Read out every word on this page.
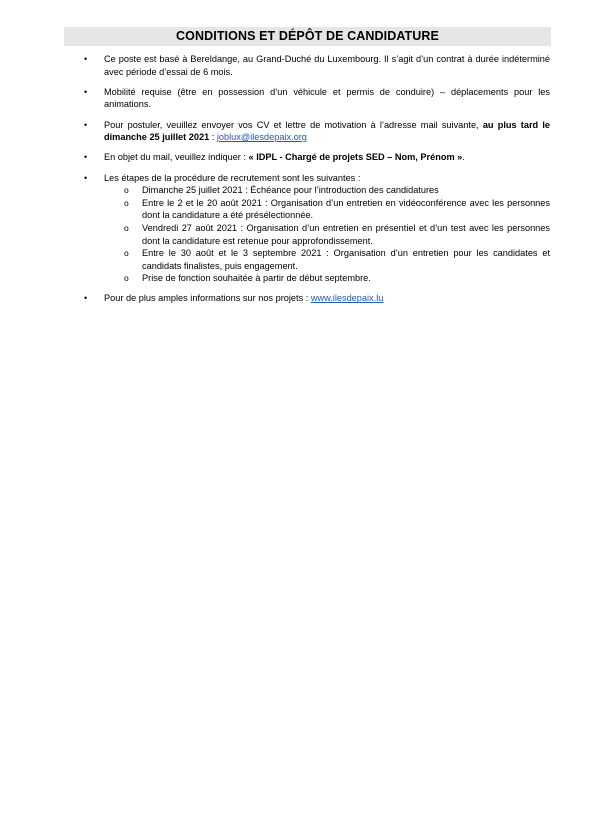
CONDITIONS ET DÉPÔT DE CANDIDATURE
•	Ce poste est basé à Bereldange, au Grand-Duché du Luxembourg. Il s’agit d’un contrat à durée indéterminé avec période d’essai de 6 mois.
•	Mobilité requise (être en possession d’un véhicule et permis de conduire) – déplacements pour les animations.
•	Pour postuler, veuillez envoyer vos CV et lettre de motivation à l’adresse mail suivante, au plus tard le dimanche 25 juillet 2021 : joblux@ilesdepaix.org
•	En objet du mail, veuillez indiquer : « IDPL - Chargé de projets SED – Nom, Prénom ».
•	Les étapes de la procédure de recrutement sont les suivantes :
o Dimanche 25 juillet 2021 : Échéance pour l’introduction des candidatures
o Entre le 2 et le 20 août 2021 : Organisation d’un entretien en vidéoconférence avec les personnes dont la candidature a été présélectionnée.
o Vendredi 27 août 2021 : Organisation d’un entretien en présentiel et d’un test avec les personnes dont la candidature est retenue pour approfondissement.
o Entre le 30 août et le 3 septembre 2021 : Organisation d’un entretien pour les candidates et candidats finalistes, puis engagement.
o Prise de fonction souhaitée à partir de début septembre.
•	Pour de plus amples informations sur nos projets : www.ilesdepaix.lu
